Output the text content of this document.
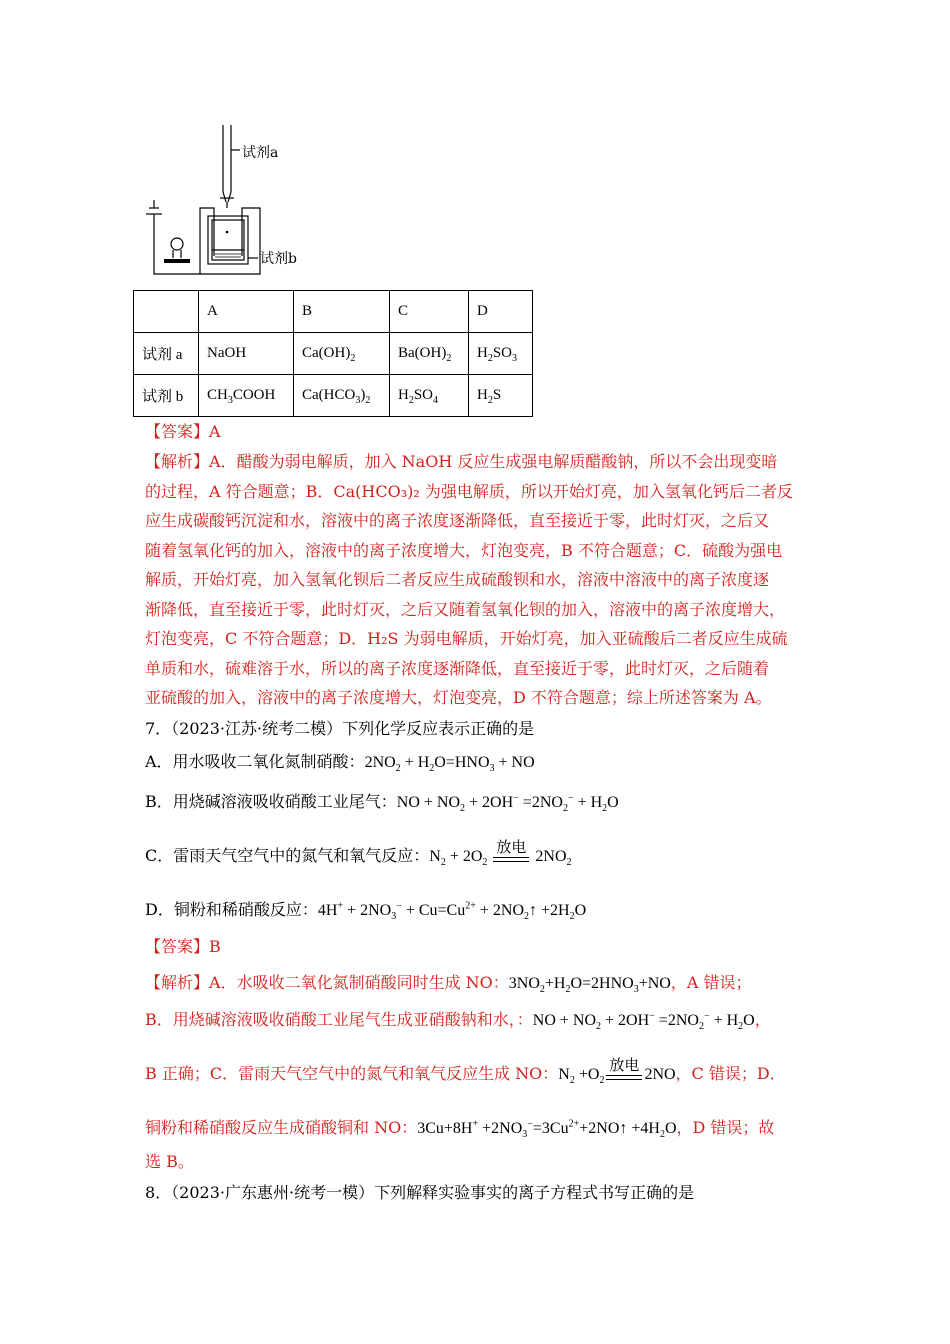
试剂a
试剂b
	A	B	C	D
试剂 a	NaOH	$Ca(OH)_2$	$Ba(OH)_2$	$H_2SO_3$
试剂 b	$CH_3COOH$	$Ca(HCO_3)_2$	$H_2SO_4$	$H_2S$
【答案】A
【解析】A．醋酸为弱电解质，加入 NaOH 反应生成强电解质醋酸钠，所以不会出现变暗
的过程，A 符合题意；B．Ca(HCO₃)₂ 为强电解质，所以开始灯亮，加入氢氧化钙后二者反
应生成碳酸钙沉淀和水，溶液中的离子浓度逐渐降低，直至接近于零，此时灯灭，之后又
随着氢氧化钙的加入，溶液中的离子浓度增大，灯泡变亮，B 不符合题意；C．硫酸为强电
解质，开始灯亮，加入氢氧化钡后二者反应生成硫酸钡和水，溶液中溶液中的离子浓度逐
渐降低，直至接近于零，此时灯灭，之后又随着氢氧化钡的加入，溶液中的离子浓度增大，
灯泡变亮，C 不符合题意；D．H₂S 为弱电解质，开始灯亮，加入亚硫酸后二者反应生成硫
单质和水，硫难溶于水，所以的离子浓度逐渐降低，直至接近于零，此时灯灭，之后随着
亚硫酸的加入，溶液中的离子浓度增大，灯泡变亮，D 不符合题意；综上所述答案为 A。
7．（2023·江苏·统考二模）下列化学反应表示正确的是
A．用水吸收二氧化氮制硝酸：$2NO_2 + H_2O=HNO_3$ + NO
B．用烧碱溶液吸收硝酸工业尾气：NO + $NO_2 + 2OH^- =2NO_2^- + H_2O$
C．雷雨天气空气中的氮气和氧气反应：$N_2 + 2O_2$
放电
$2NO_2$
D．铜粉和稀硝酸反应：$4H^+ + 2NO_3^- + Cu=Cu^{2+}$ + $2NO_2↑ +2H_2O$
【答案】B
【解析】A．水吸收二氧化氮制硝酸同时生成 NO：$3NO_2+H_2O=2HNO_3+NO$，A 错误；
B．用烧碱溶液吸收硝酸工业尾气生成亚硝酸钠和水，：NO + $NO_2 + 2OH^- =2NO_2^- + H_2O$，
B 正确；C．雷雨天气空气中的氮气和氧气反应生成 NO：$N_2 +O_2$
放电
2NO，C 错误；D．
铜粉和稀硝酸反应生成硝酸铜和 NO：$3Cu+8H^+ +2NO_3^-=3Cu^{2+}+2NO↑ +4H_2O$，D 错误；故
选 B。
8．（2023·广东惠州·统考一模）下列解释实验事实的离子方程式书写正确的是
